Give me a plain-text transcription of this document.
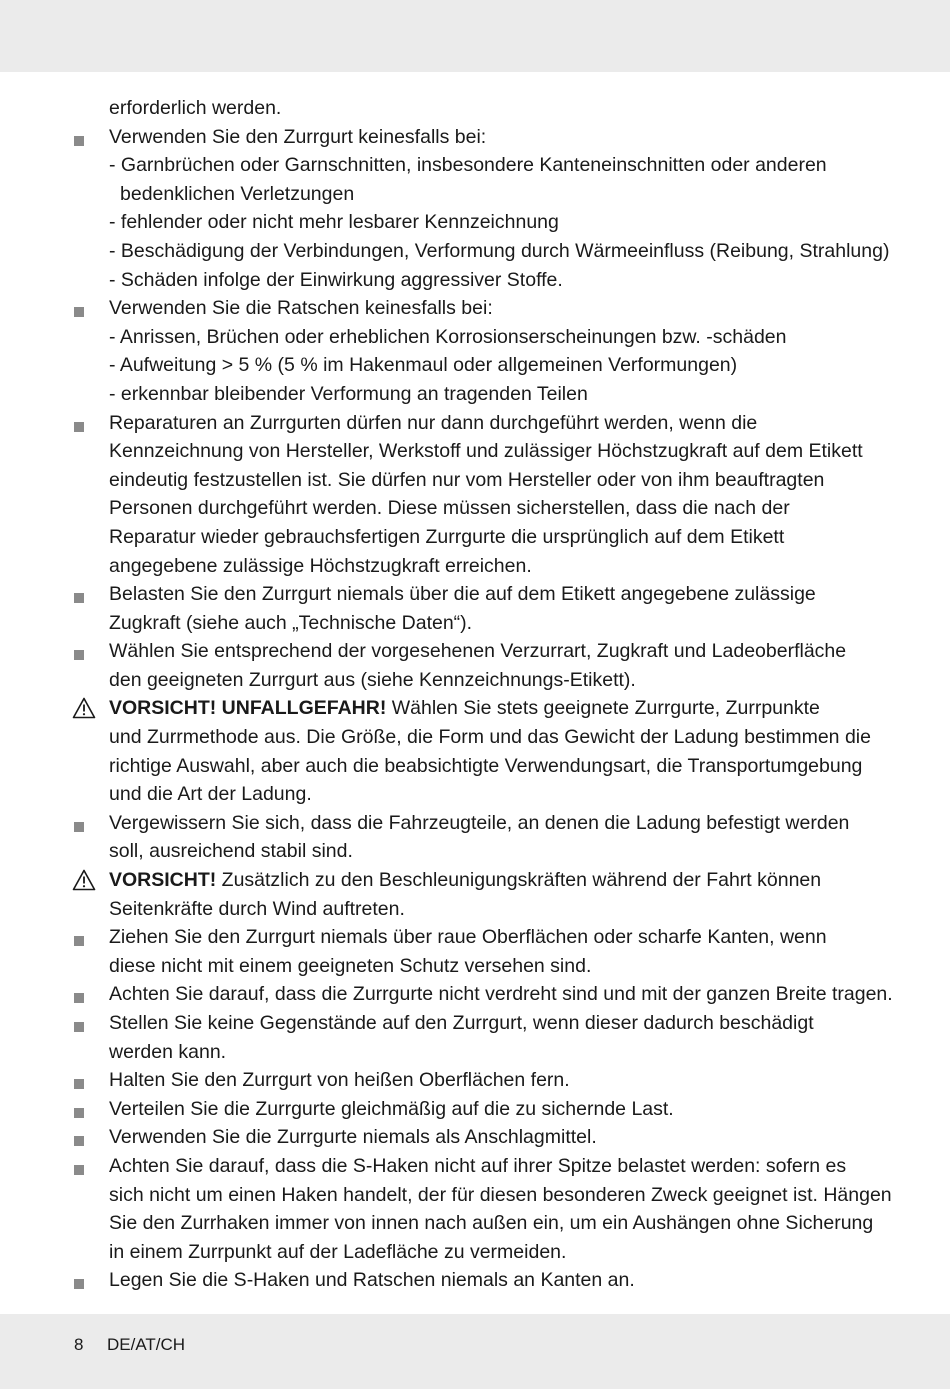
erforderlich werden.
Verwenden Sie den Zurrgurt keinesfalls bei:
- Garnbrüchen oder Garnschnitten, insbesondere Kanteneinschnitten oder anderen
bedenklichen Verletzungen
- fehlender oder nicht mehr lesbarer Kennzeichnung
- Beschädigung der Verbindungen, Verformung durch Wärmeeinfluss (Reibung, Strahlung)
- Schäden infolge der Einwirkung aggressiver Stoffe.
Verwenden Sie die Ratschen keinesfalls bei:
- Anrissen, Brüchen oder erheblichen Korrosionserscheinungen bzw. -schäden
- Aufweitung > 5 % (5 % im Hakenmaul oder allgemeinen Verformungen)
- erkennbar bleibender Verformung an tragenden Teilen
Reparaturen an Zurrgurten dürfen nur dann durchgeführt werden, wenn die
Kennzeichnung von Hersteller, Werkstoff und zulässiger Höchstzugkraft auf dem Etikett
eindeutig festzustellen ist. Sie dürfen nur vom Hersteller oder von ihm beauftragten
Personen durchgeführt werden. Diese müssen sicherstellen, dass die nach der
Reparatur wieder gebrauchsfertigen Zurrgurte die ursprünglich auf dem Etikett
angegebene zulässige Höchstzugkraft erreichen.
Belasten Sie den Zurrgurt niemals über die auf dem Etikett angegebene zulässige
Zugkraft (siehe auch „Technische Daten“).
Wählen Sie entsprechend der vorgesehenen Verzurrart, Zugkraft und Ladeoberfläche
den geeigneten Zurrgurt aus (siehe Kennzeichnungs-Etikett).
VORSICHT! UNFALLGEFAHR! Wählen Sie stets geeignete Zurrgurte, Zurrpunkte
und Zurrmethode aus. Die Größe, die Form und das Gewicht der Ladung bestimmen die
richtige Auswahl, aber auch die beabsichtigte Verwendungsart, die Transportumgebung
und die Art der Ladung.
Vergewissern Sie sich, dass die Fahrzeugteile, an denen die Ladung befestigt werden
soll, ausreichend stabil sind.
VORSICHT! Zusätzlich zu den Beschleunigungskräften während der Fahrt können
Seitenkräfte durch Wind auftreten.
Ziehen Sie den Zurrgurt niemals über raue Oberflächen oder scharfe Kanten, wenn
diese nicht mit einem geeigneten Schutz versehen sind.
Achten Sie darauf, dass die Zurrgurte nicht verdreht sind und mit der ganzen Breite tragen.
Stellen Sie keine Gegenstände auf den Zurrgurt, wenn dieser dadurch beschädigt
werden kann.
Halten Sie den Zurrgurt von heißen Oberflächen fern.
Verteilen Sie die Zurrgurte gleichmäßig auf die zu sichernde Last.
Verwenden Sie die Zurrgurte niemals als Anschlagmittel.
Achten Sie darauf, dass die S-Haken nicht auf ihrer Spitze belastet werden: sofern es
sich nicht um einen Haken handelt, der für diesen besonderen Zweck geeignet ist. Hängen
Sie den Zurrhaken immer von innen nach außen ein, um ein Aushängen ohne Sicherung
in einem Zurrpunkt auf der Ladefläche zu vermeiden.
Legen Sie die S-Haken und Ratschen niemals an Kanten an.
8 DE/AT/CH
